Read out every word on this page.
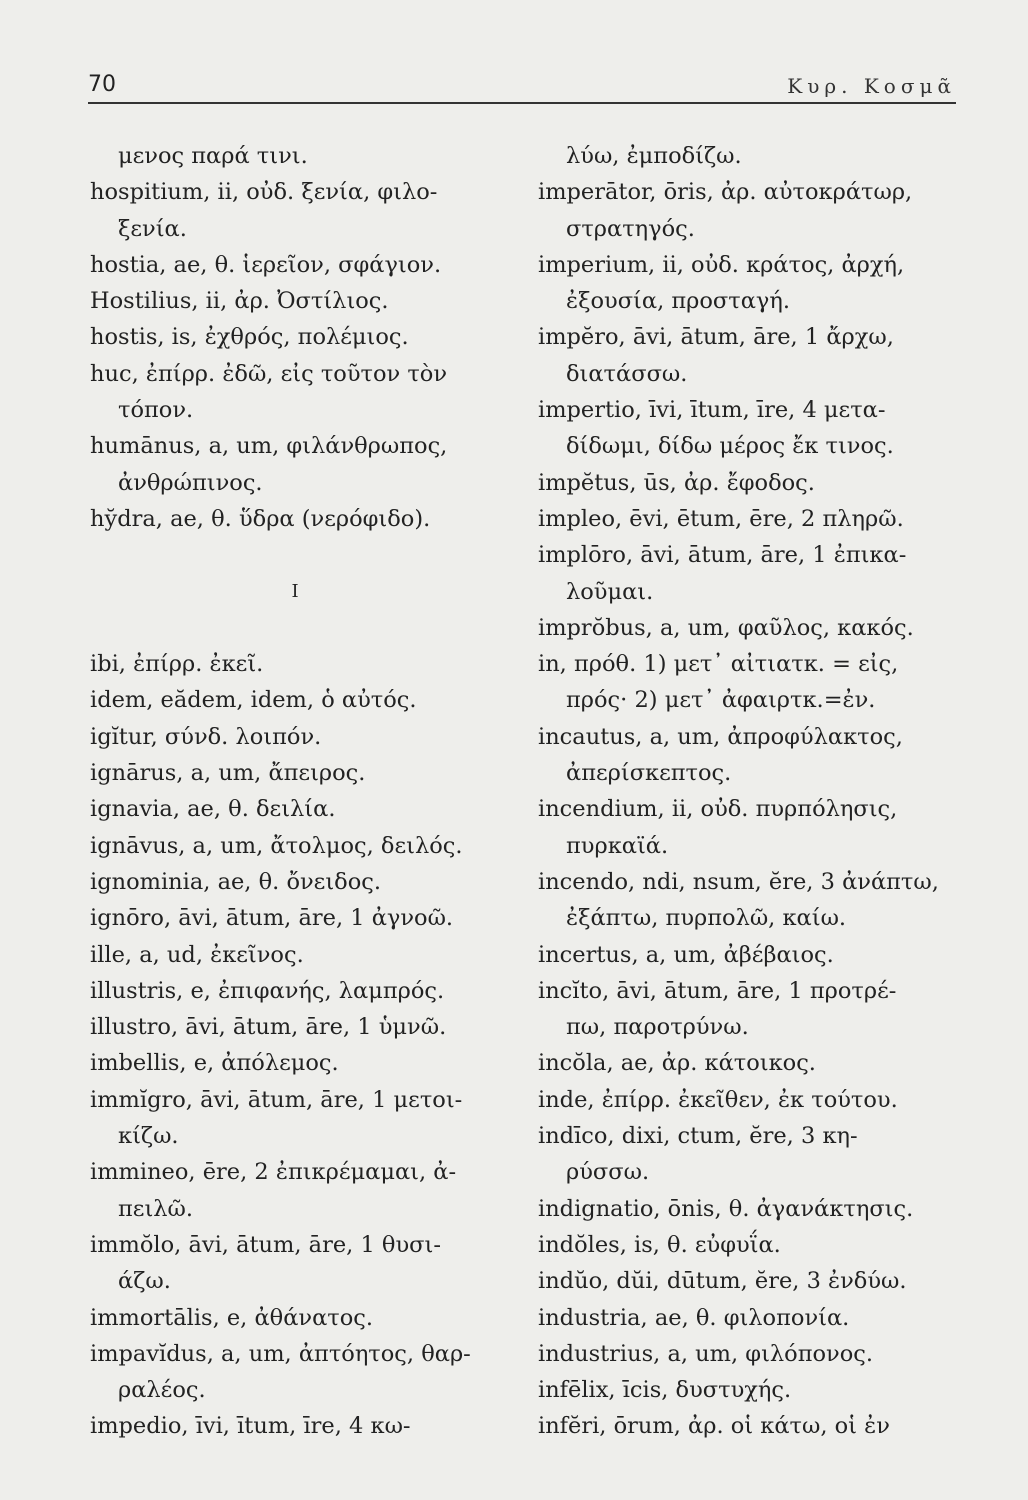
70	Κυρ. Κοσμᾶ
μενος παρά τινι.
hospitium, ii, οὐδ. ξενία, φιλο-
ξενία.
hostia, ae, θ. ἱερεῖον, σφάγιον.
Hostilius, ii, ἀρ. Ὀστίλιος.
hostis, is, ἐχθρός, πολέμιος.
huc, ἐπίρρ. ἐδῶ, εἰς τοῦτον τὸν
τόπον.
humānus, a, um, φιλάνθρωπος,
ἀνθρώπινος.
hy̆dra, ae, θ. ὕδρα (νερόφιδο).
I
ibi, ἐπίρρ. ἐκεῖ.
idem, eădem, idem, ὁ αὐτός.
igĭtur, σύνδ. λοιπόν.
ignārus, a, um, ἄπειρος.
ignavia, ae, θ. δειλία.
ignāvus, a, um, ἄτολμος, δειλός.
ignominia, ae, θ. ὄνειδος.
ignōro, āvi, ātum, āre, 1 ἀγνοῶ.
ille, a, ud, ἐκεῖνος.
illustris, e, ἐπιφανής, λαμπρός.
illustro, āvi, ātum, āre, 1 ὑμνῶ.
imbellis, e, ἀπόλεμος.
immĭgro, āvi, ātum, āre, 1 μετοι-
κίζω.
immineo, ēre, 2 ἐπικρέμαμαι, ἀ-
πειλῶ.
immŏlo, āvi, ātum, āre, 1 θυσι-
άζω.
immortālis, e, ἀθάνατος.
impavĭdus, a, um, ἀπτόητος, θαρ-
ραλέος.
impedio, īvi, ītum, īre, 4 κω-
λύω, ἐμποδίζω.
imperātor, ōris, ἀρ. αὐτοκράτωρ,
στρατηγός.
imperium, ii, οὐδ. κράτος, ἀρχή,
ἐξουσία, προσταγή.
impĕro, āvi, ātum, āre, 1 ἄρχω,
διατάσσω.
impertio, īvi, ītum, īre, 4 μετα-
δίδωμι, δίδω μέρος ἔκ τινος.
impĕtus, ūs, ἀρ. ἔφοδος.
impleo, ēvi, ētum, ēre, 2 πληρῶ.
implōro, āvi, ātum, āre, 1 ἐπικα-
λοῦμαι.
imprŏbus, a, um, φαῦλος, κακός.
in, πρόθ. 1) μετ᾽ αἰτιατκ. = εἰς,
πρός· 2) μετ᾽ ἀφαιρτκ.=ἐν.
incautus, a, um, ἀπροφύλακτος,
ἀπερίσκεπτος.
incendium, ii, οὐδ. πυρπόλησις,
πυρκαϊά.
incendo, ndi, nsum, ĕre, 3 ἀνάπτω,
ἐξάπτω, πυρπολῶ, καίω.
incertus, a, um, ἀβέβαιος.
incĭto, āvi, ātum, āre, 1 προτρέ-
πω, παροτρύνω.
incŏla, ae, ἀρ. κάτοικος.
inde, ἐπίρρ. ἐκεῖθεν, ἐκ τούτου.
indīco, dixi, ctum, ĕre, 3 κη-
ρύσσω.
indignatio, ōnis, θ. ἀγανάκτησις.
indŏles, is, θ. εὐφυΐα.
indŭo, dŭi, dūtum, ĕre, 3 ἐνδύω.
industria, ae, θ. φιλοπονία.
industrius, a, um, φιλόπονος.
infēlix, īcis, δυστυχής.
infĕri, ōrum, ἀρ. οἱ κάτω, οἱ ἐν
